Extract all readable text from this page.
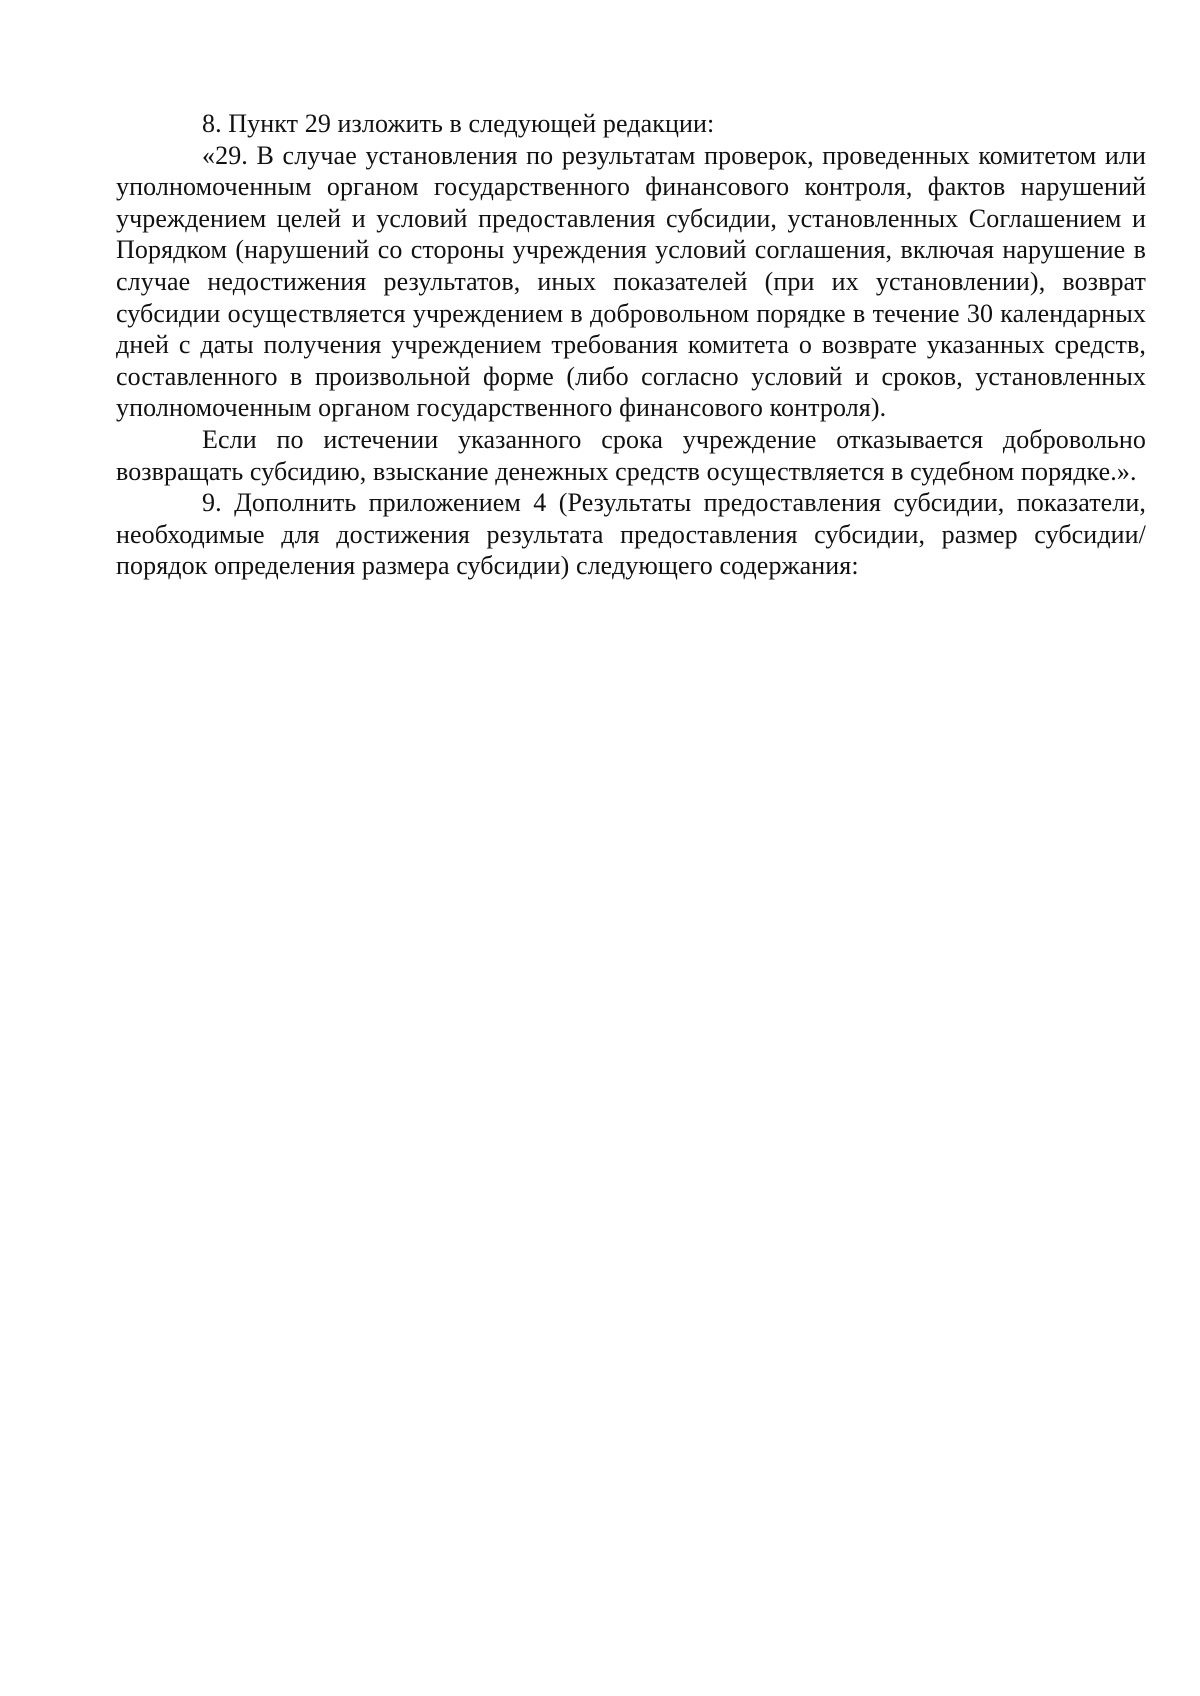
8. Пункт 29 изложить в следующей редакции:

«29. В случае установления по результатам проверок, проведенных комитетом или уполномоченным органом государственного финансового контроля, фактов нарушений учреждением целей и условий предоставления субсидии, установленных Соглашением и Порядком (нарушений со стороны учреждения условий соглашения, включая нарушение в случае недостижения результатов, иных показателей (при их установлении), возврат субсидии осуществляется учреждением в добровольном порядке в течение 30 календарных дней с даты получения учреждением требования комитета о возврате указанных средств, составленного в произвольной форме (либо согласно условий и сроков, установленных уполномоченным органом государственного финансового контроля).

Если по истечении указанного срока учреждение отказывается добровольно возвращать субсидию, взыскание денежных средств осуществляется в судебном порядке.».

9. Дополнить приложением 4 (Результаты предоставления субсидии, показатели, необходимые для достижения результата предоставления субсидии, размер субсидии/ порядок определения размера субсидии) следующего содержания:
